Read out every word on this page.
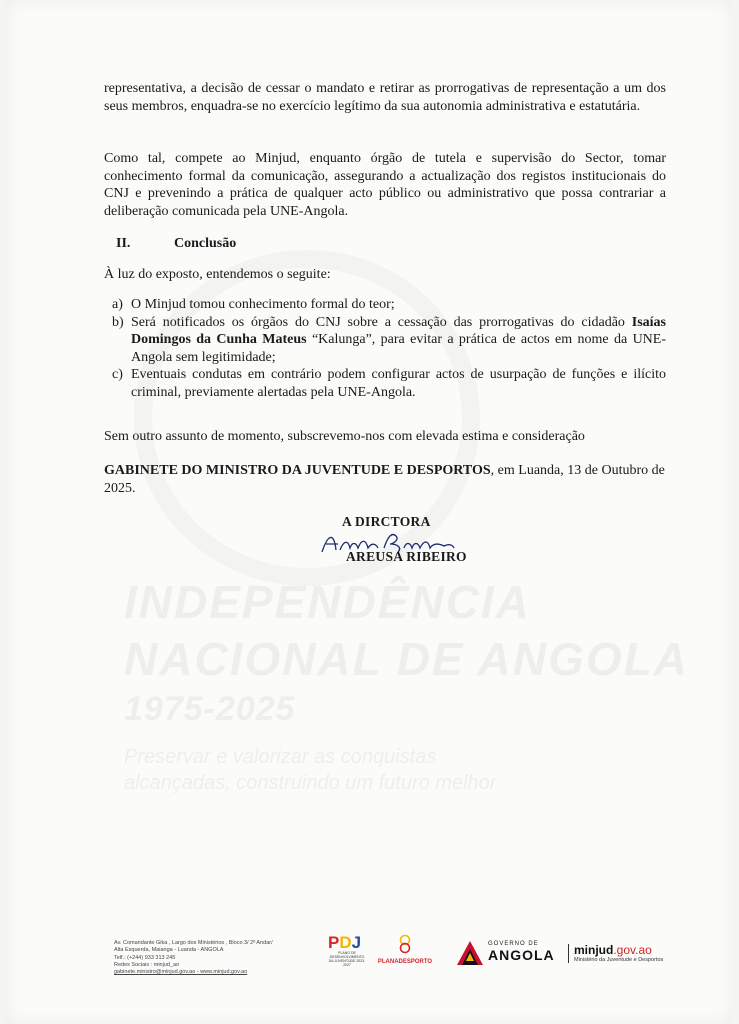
INDEPENDÊNCIA
NACIONAL DE ANGOLA
1975-2025
Preservar e valorizar as conquistas
alcançadas, construindo um futuro melhor

representativa, a decisão de cessar o mandato e retirar as prorrogativas de representação a um dos seus membros, enquadra-se no exercício legítimo da sua autonomia administrativa e estatutária.

Como tal, compete ao Minjud, enquanto órgão de tutela e supervisão do Sector, tomar conhecimento formal da comunicação, assegurando a actualização dos registos institucionais do CNJ e prevenindo a prática de qualquer acto público ou administrativo que possa contrariar a deliberação comunicada pela UNE-Angola.

II.	Conclusão

À luz do exposto, entendemos o seguite:

a) O Minjud tomou conhecimento formal do teor;
b) Será notificados os órgãos do CNJ sobre a cessação das prorrogativas do cidadão Isaías Domingos da Cunha Mateus “Kalunga”, para evitar a prática de actos em nome da UNE-Angola sem legitimidade;
c) Eventuais condutas em contrário podem configurar actos de usurpação de funções e ilícito criminal, previamente alertadas pela UNE-Angola.

Sem outro assunto de momento, subscrevemo-nos com elevada estima e consideração

GABINETE DO MINISTRO DA JUVENTUDE E DESPORTOS, em Luanda, 13 de Outubro de 2025.

A DIRCTORA
AREUSA RIBEIRO
Av. Comandante Gika , Largo dos Ministérios , Bloco 3/ 2º Andar/
Alta Esquerda, Maianga - Luanda - ANGOLA
Telf.: (+244) 933 313 245
Redes Sociais : minjud_ao
gabinete.ministro@minjud.gov.ao - www.minjud.gov.ao
PDJ
PLANO DE DESENVOLVIMENTO DA JUVENTUDE 2023-2027	PLANADESPORTO
GOVERNO DE
ANGOLA minjud.gov.ao
Ministério da Juventude e Desportos
